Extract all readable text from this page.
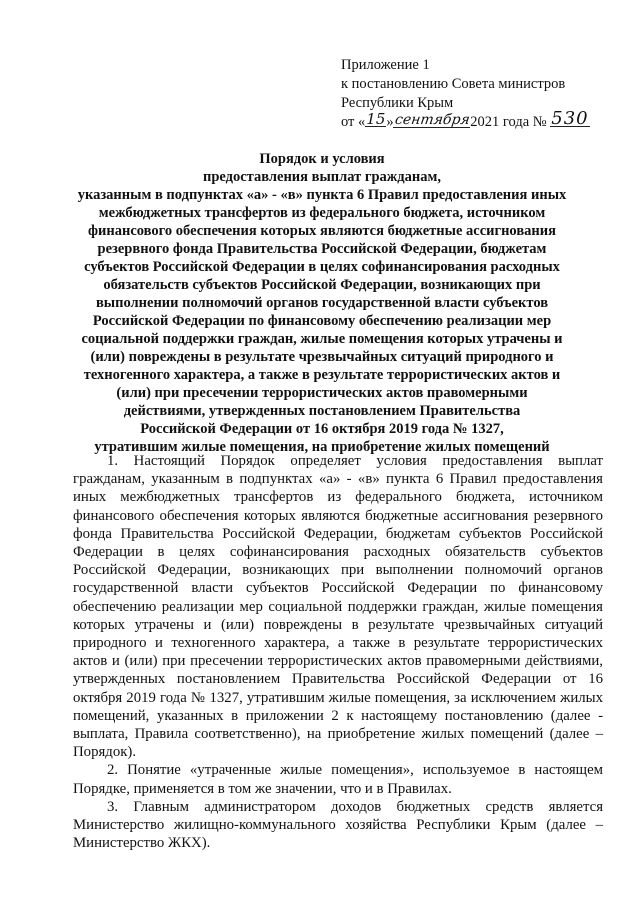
Приложение 1
к постановлению Совета министров
Республики Крым
от «15»сентября2021 года № 530
Порядок и условия
предоставления выплат гражданам,
указанным в подпунктах «а» - «в» пункта 6 Правил предоставления иных
межбюджетных трансфертов из федерального бюджета, источником
финансового обеспечения которых являются бюджетные ассигнования
резервного фонда Правительства Российской Федерации, бюджетам
субъектов Российской Федерации в целях софинансирования расходных
обязательств субъектов Российской Федерации, возникающих при
выполнении полномочий органов государственной власти субъектов
Российской Федерации по финансовому обеспечению реализации мер
социальной поддержки граждан, жилые помещения которых утрачены и
(или) повреждены в результате чрезвычайных ситуаций природного и
техногенного характера, а также в результате террористических актов и
(или) при пресечении террористических актов правомерными
действиями, утвержденных постановлением Правительства
Российской Федерации от 16 октября 2019 года № 1327,
утратившим жилые помещения, на приобретение жилых помещений

1. Настоящий Порядок определяет условия предоставления выплат гражданам, указанным в подпунктах «а» - «в» пункта 6 Правил предоставления иных межбюджетных трансфертов из федерального бюджета, источником финансового обеспечения которых являются бюджетные ассигнования резервного фонда Правительства Российской Федерации, бюджетам субъектов Российской Федерации в целях софинансирования расходных обязательств субъектов Российской Федерации, возникающих при выполнении полномочий органов государственной власти субъектов Российской Федерации по финансовому обеспечению реализации мер социальной поддержки граждан, жилые помещения которых утрачены и (или) повреждены в результате чрезвычайных ситуаций природного и техногенного характера, а также в результате террористических актов и (или) при пресечении террористических актов правомерными действиями, утвержденных постановлением Правительства Российской Федерации от 16 октября 2019 года № 1327, утратившим жилые помещения, за исключением жилых помещений, указанных в приложении 2 к настоящему постановлению (далее - выплата, Правила соответственно), на приобретение жилых помещений (далее – Порядок).

2. Понятие «утраченные жилые помещения», используемое в настоящем Порядке, применяется в том же значении, что и в Правилах.

3. Главным администратором доходов бюджетных средств является Министерство жилищно-коммунального хозяйства Республики Крым (далее – Министерство ЖКХ).
